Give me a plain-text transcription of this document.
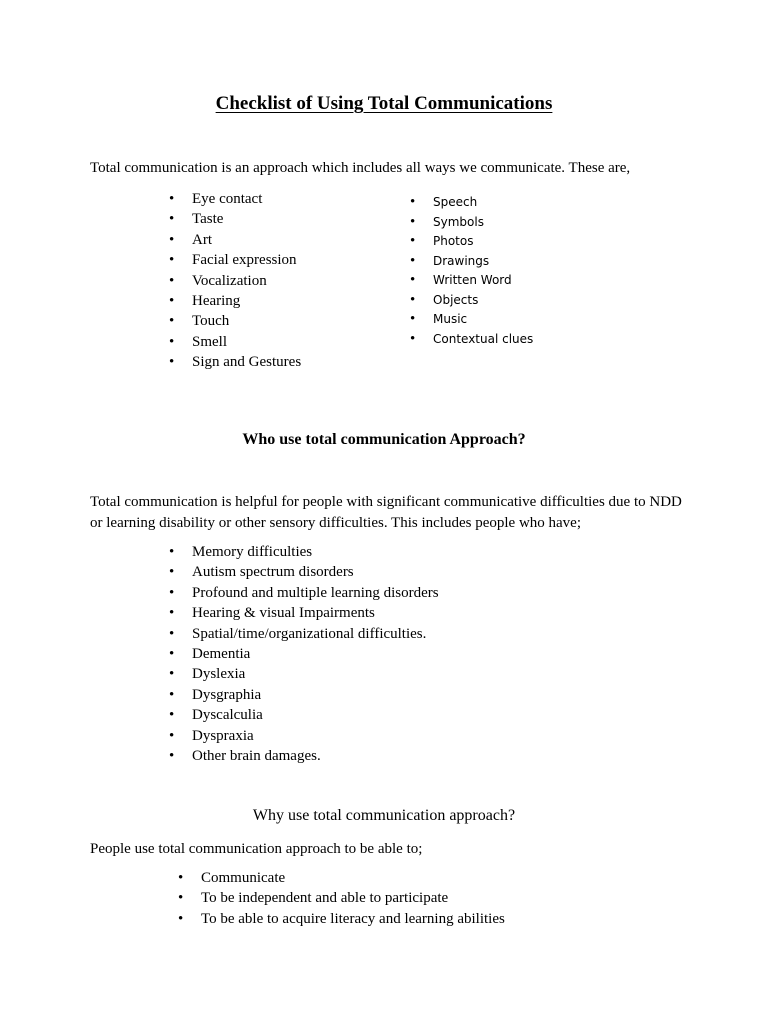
Checklist of Using Total Communications
Total communication is an approach which includes all ways we communicate. These are,
• Eye contact
• Taste
• Art
• Facial expression
• Vocalization
• Hearing
• Touch
• Smell
• Sign and Gestures
• Speech
• Symbols
• Photos
• Drawings
• Written Word
• Objects
• Music
• Contextual clues
Who use total communication Approach?
Total communication is helpful for people with significant communicative difficulties due to NDD or learning disability or other sensory difficulties. This includes people who have;
• Memory difficulties
• Autism spectrum disorders
• Profound and multiple learning disorders
• Hearing & visual Impairments
• Spatial/time/organizational difficulties.
• Dementia
• Dyslexia
• Dysgraphia
• Dyscalculia
• Dyspraxia
• Other brain damages.
Why use total communication approach?
People use total communication approach to be able to;
• Communicate
• To be independent and able to participate
• To be able to acquire literacy and learning abilities
